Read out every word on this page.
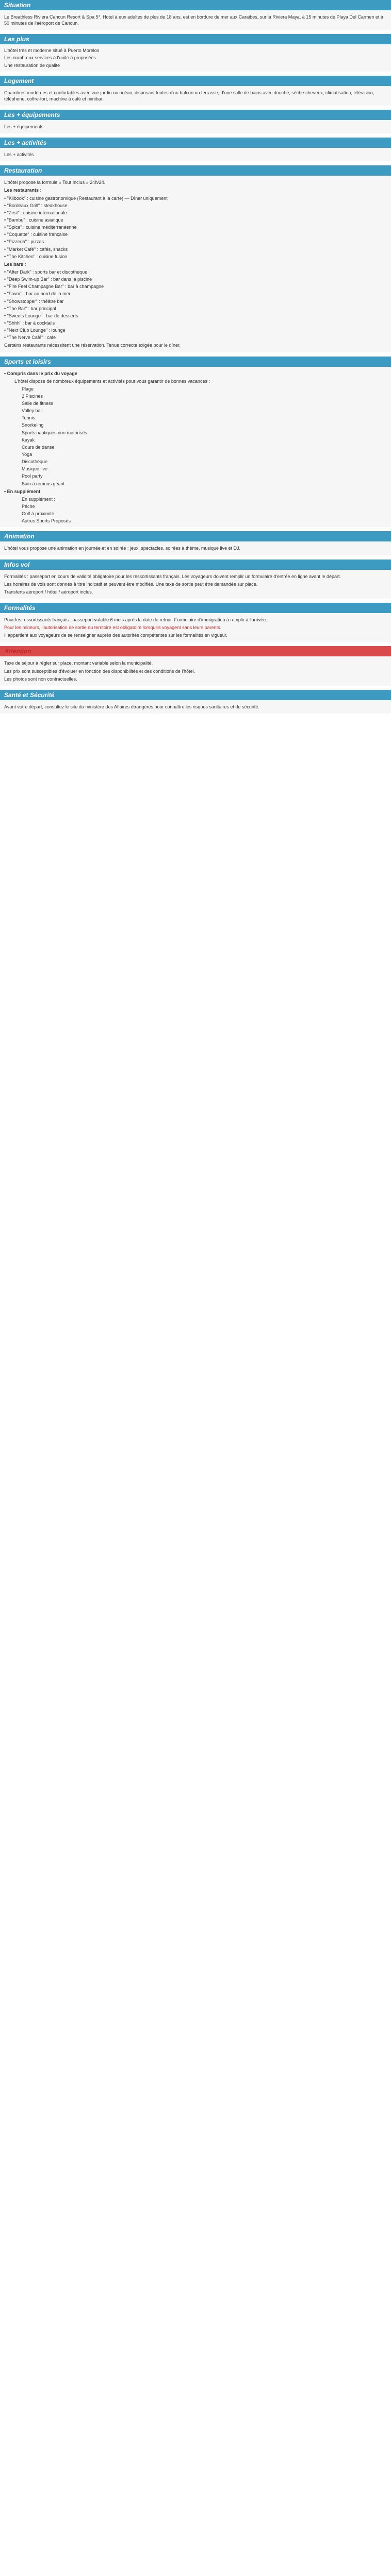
Situation

Le Breathless Riviera Cancun Resort & Spa 5*, Hotel à eux adultes de plus de 18 ans, est en bordure de mer aux Caraibes, sur la Riviera Maya, à 15 minutes de Playa Del Carmen et à 50 minutes de l'aéroport de Cancun.

Les plus
L'hôtel très et moderne situé à Puerto Morelos
Les nombreux services à l'unité à proposées
Une restauration de qualité
Logement

Chambres modernes et confortables avec vue jardin ou océan, disposant toutes d'un balcon ou terrasse, d'une salle de bains avec douche, sèche-cheveux, climatisation, télévision, téléphone, coffre-fort, machine à café et minibar.

Les + équipements

Les + équipements

Les + activités

Les + activités

Restauration

L'hôtel propose la formule « Tout Inclus » 24h/24.

Les restaurants :

• "Kiibook" : cuisine gastronomique (Restaurant à la carte) — Dîner uniquement
• "Bordeaux Grill" : steakhouse
• "Zest" : cuisine internationale
• "Bambu" : cuisine asiatique
• "Spice" : cuisine méditerranéenne
• "Coquette" : cuisine française
• "Pizzeria" : pizzas
• "Market Café" : cafés, snacks
• "The Kitchen" : cuisine fusion

Les bars :

• "After Dark" : sports bar et discothèque
• "Deep Swim-up Bar" : bar dans la piscine
• "Fire Feel Champagne Bar" : bar à champagne
• "Favor" : bar au bord de la mer
• "Showstopper" : théâtre bar
• "The Bar" : bar principal
• "Sweets Lounge" : bar de desserts
• "Shhh" : bar à cocktails
• "Next Club Lounge" : lounge
• "The Nerve Café" : café

Certains restaurants nécessitent une réservation. Tenue correcte exigée pour le dîner.

Sports et loisirs

• Compris dans le prix du voyage

L'hôtel dispose de nombreux équipements et activités pour vous garantir de bonnes vacances :

Plage
2 Piscines
Salle de fitness
Volley ball
Tennis
Snorkeling
Sports nautiques non motorisés
Kayak
Cours de danse
Yoga
Discothèque
Musique live
Pool party
Bain à remous géant

• En supplément

En supplément :
Pêche
Golf à proximité
Autres Sports Proposés
Animation

L'hôtel vous propose une animation en journée et en soirée : jeux, spectacles, soirées à thème, musique live et DJ.

Infos vol

Formalités : passeport en cours de validité obligatoire pour les ressortissants français. Les voyageurs doivent remplir un formulaire d'entrée en ligne avant le départ.

Les horaires de vols sont donnés à titre indicatif et peuvent être modifiés. Une taxe de sortie peut être demandée sur place.

Transferts aéroport / hôtel / aéroport inclus.

Formalités

Pour les ressortissants français : passeport valable 6 mois après la date de retour. Formulaire d'immigration à remplir à l'arrivée.

Pour les mineurs, l'autorisation de sortie du territoire est obligatoire lorsqu'ils voyagent sans leurs parents.

Il appartient aux voyageurs de se renseigner auprès des autorités compétentes sur les formalités en vigueur.

Attention

Taxe de séjour à régler sur place, montant variable selon la municipalité.

Les prix sont susceptibles d'évoluer en fonction des disponibilités et des conditions de l'hôtel.

Les photos sont non contractuelles.

Santé et Sécurité

Avant votre départ, consultez le site du ministère des Affaires étrangères pour connaître les risques sanitaires et de sécurité.
